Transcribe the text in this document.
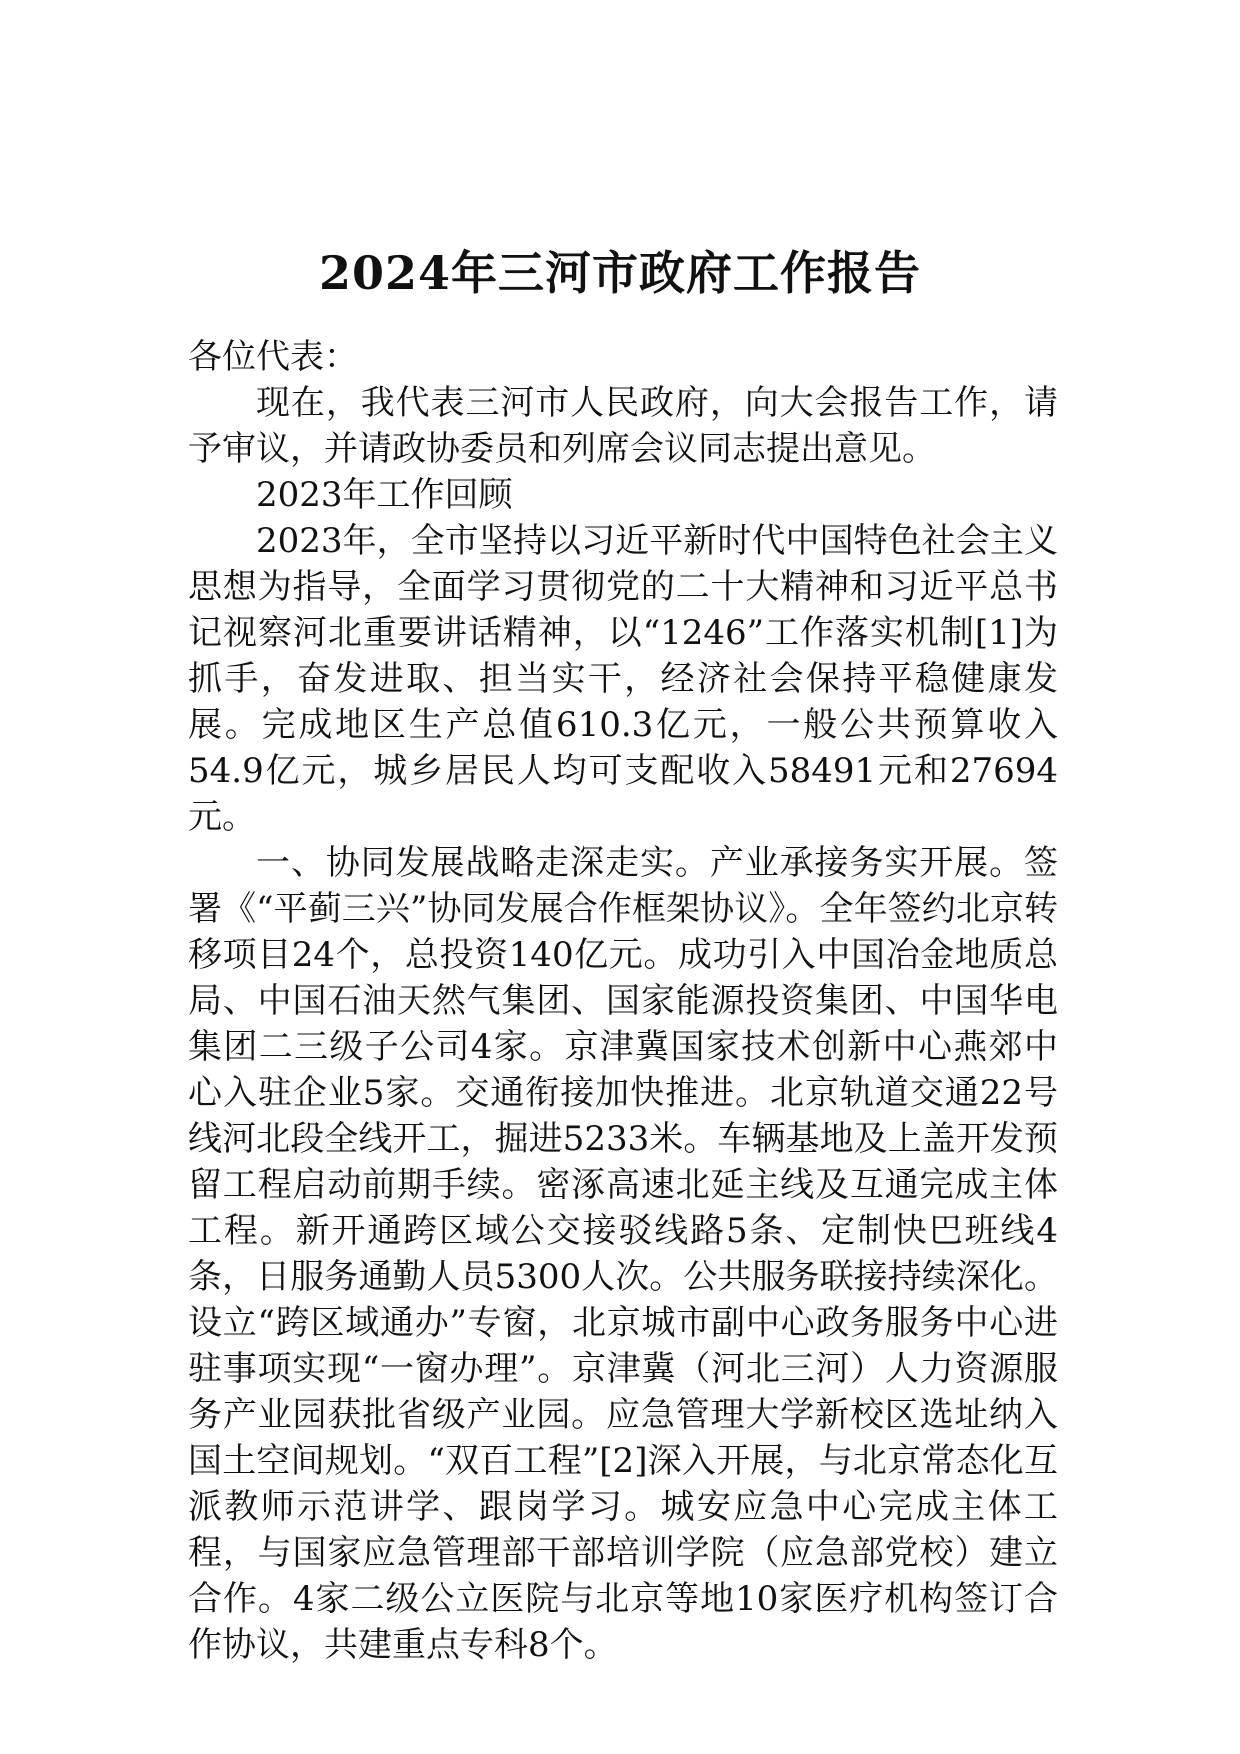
2024年三河市政府工作报告

各位代表：

现在，我代表三河市人民政府，向大会报告工作，请予审议，并请政协委员和列席会议同志提出意见。

2023年工作回顾

2023年，全市坚持以习近平新时代中国特色社会主义思想为指导，全面学习贯彻党的二十大精神和习近平总书记视察河北重要讲话精神，以“1246”工作落实机制[1]为抓手，奋发进取、担当实干，经济社会保持平稳健康发展。完成地区生产总值610.3亿元，一般公共预算收入54.9亿元，城乡居民人均可支配收入58491元和27694元。

一、协同发展战略走深走实。产业承接务实开展。签署《“平蓟三兴”协同发展合作框架协议》。全年签约北京转移项目24个，总投资140亿元。成功引入中国冶金地质总局、中国石油天然气集团、国家能源投资集团、中国华电集团二三级子公司4家。京津冀国家技术创新中心燕郊中心入驻企业5家。交通衔接加快推进。北京轨道交通22号线河北段全线开工，掘进5233米。车辆基地及上盖开发预留工程启动前期手续。密涿高速北延主线及互通完成主体工程。新开通跨区域公交接驳线路5条、定制快巴班线4条，日服务通勤人员5300人次。公共服务联接持续深化。设立“跨区域通办”专窗，北京城市副中心政务服务中心进驻事项实现“一窗办理”。京津冀（河北三河）人力资源服务产业园获批省级产业园。应急管理大学新校区选址纳入国土空间规划。“双百工程”[2]深入开展，与北京常态化互派教师示范讲学、跟岗学习。城安应急中心完成主体工程，与国家应急管理部干部培训学院（应急部党校）建立合作。4家二级公立医院与北京等地10家医疗机构签订合作协议，共建重点专科8个。
